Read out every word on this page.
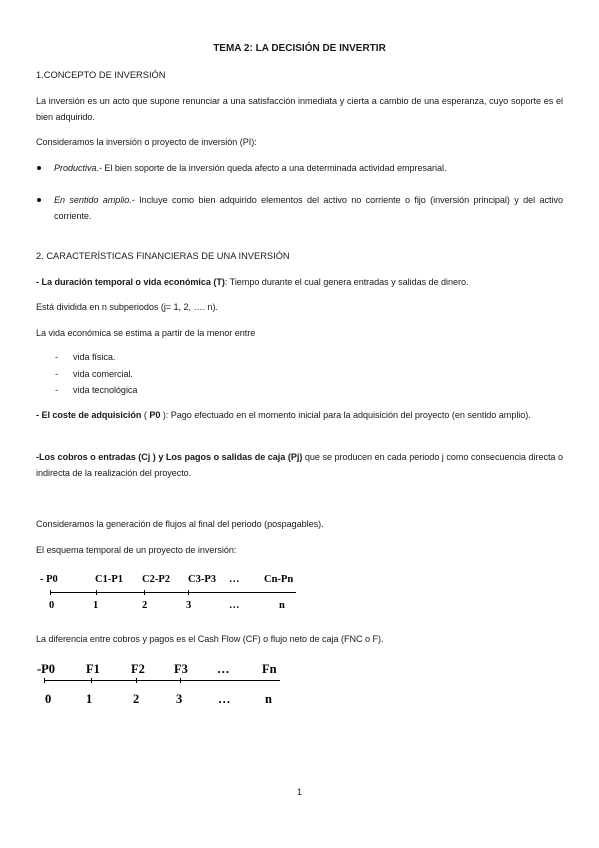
TEMA 2: LA DECISIÓN DE INVERTIR
1.CONCEPTO DE INVERSIÓN
La inversión es un acto que supone renunciar a una satisfacción inmediata y cierta a cambio de una esperanza, cuyo soporte es el bien adquirido.
Consideramos la inversión o proyecto de inversión (PI):
Productiva.- El bien soporte de la inversión queda afecto a una determinada actividad empresarial.
En sentido amplio.- Incluye como bien adquirido elementos del activo no corriente o fijo (inversión principal) y del activo corriente.
2. CARACTERÍSTICAS FINANCIERAS DE UNA INVERSIÓN
- La duración temporal o vida económica (T): Tiempo durante el cual genera entradas y salidas de dinero.
Está dividida en n subperiodos (j= 1, 2, …. n).
La vida económica se estima a partir de la menor entre
- vida física.
- vida comercial.
- vida tecnológica
- El coste de adquisición ( P0 ): Pago efectuado en el momento inicial para la adquisición del proyecto (en sentido amplio).
-Los cobros o entradas (Cj ) y Los pagos o salidas de caja (Pj) que se producen en cada periodo j como consecuencia directa o indirecta de la realización del proyecto.
Consideramos la generación de flujos al final del periodo (pospagables).
El esquema temporal de un proyecto de inversión:
- P0	C1-P1 C2-P2 C3-P3 … Cn-Pn
0	1	2	3	…	n
La diferencia entre cobros y pagos es el Cash Flow (CF) o flujo neto de caja (FNC o F).
-P0 F1 F2 F3 …	Fn
0	1	2	3	…	n
1
